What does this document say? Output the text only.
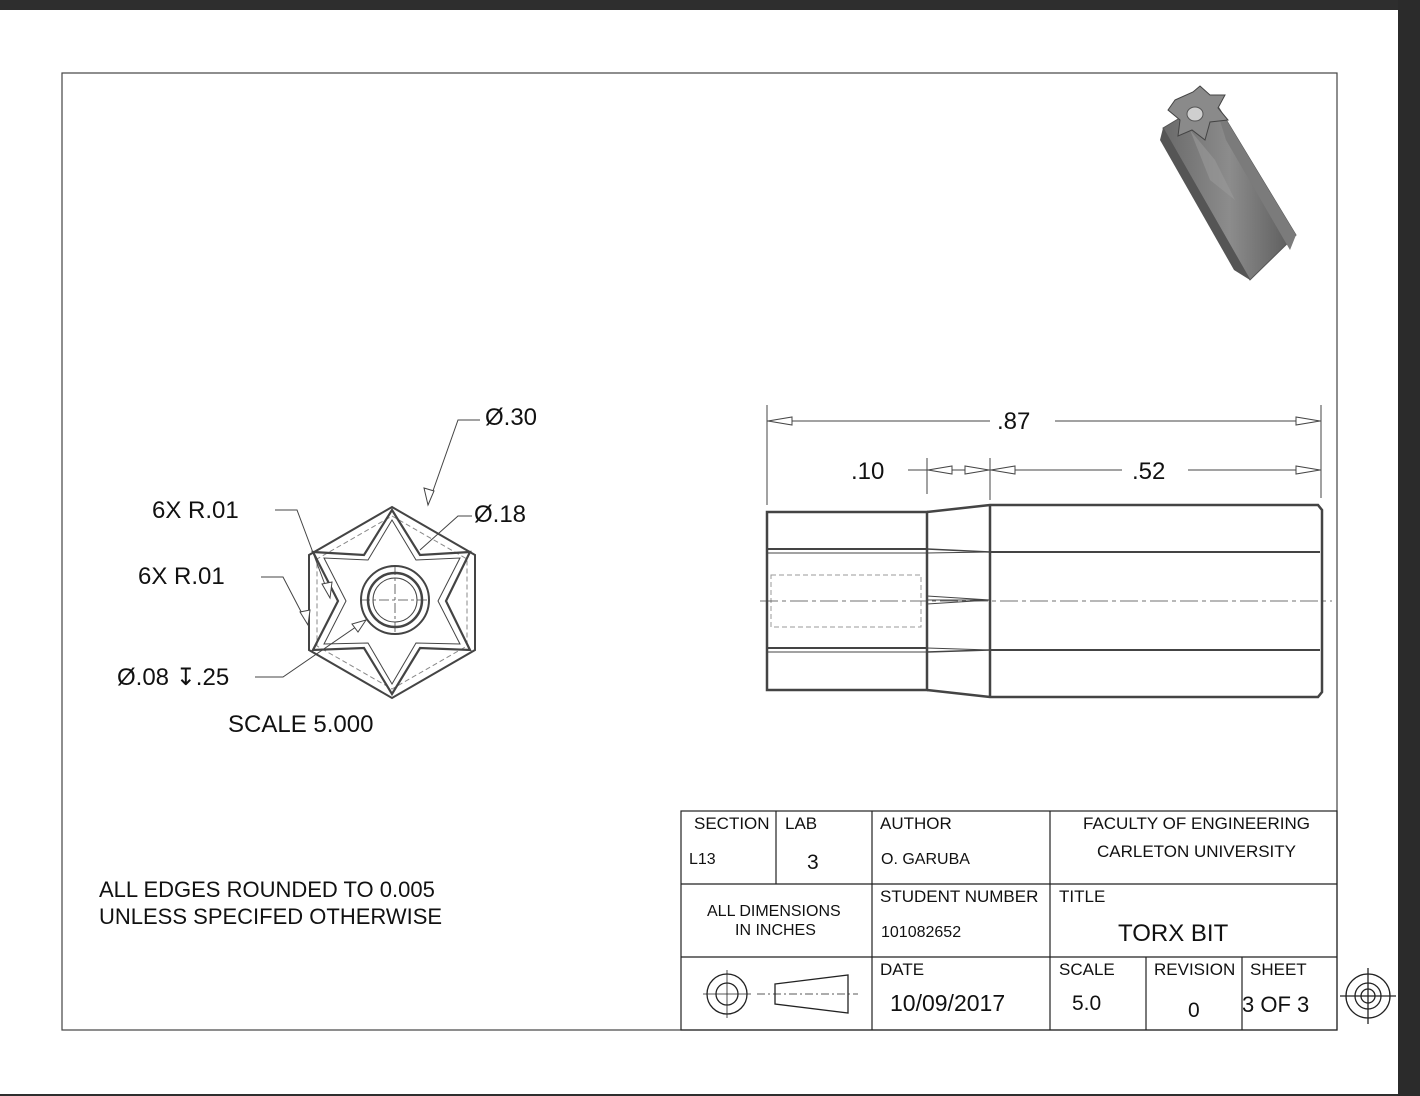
Ø.30
Ø.18
6X R.01
6X R.01
Ø.08 ↧.25
SCALE 5.000
.87
.10	.52
ALL EDGES ROUNDED TO 0.005
UNLESS SPECIFED OTHERWISE
SECTION
L13
LAB
3
AUTHOR
O. GARUBA
FACULTY OF ENGINEERING
CARLETON UNIVERSITY
ALL DIMENSIONS
IN INCHES
STUDENT NUMBER
101082652
TITLE
TORX BIT
DATE
10/09/2017
SCALE
5.0
REVISION
0
SHEET
3 OF 3
